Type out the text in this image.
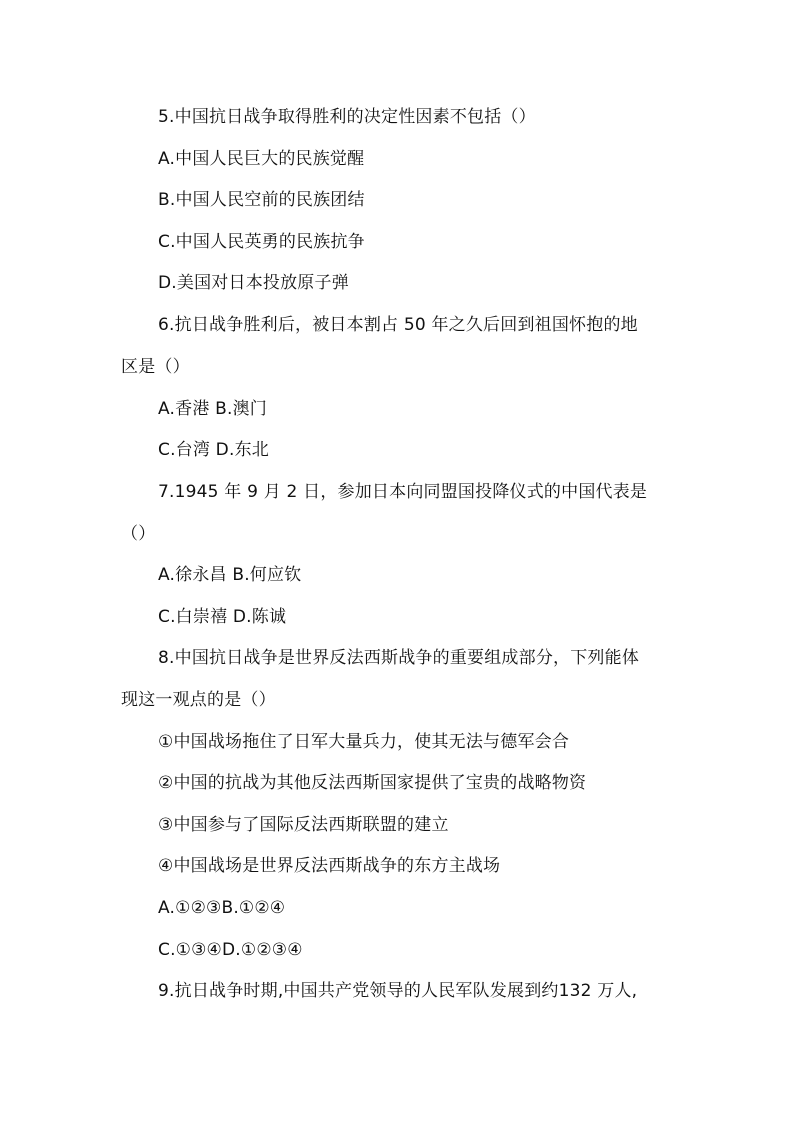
5.中国抗日战争取得胜利的决定性因素不包括（）
A.中国人民巨大的民族觉醒
B.中国人民空前的民族团结
C.中国人民英勇的民族抗争
D.美国对日本投放原子弹
6.抗日战争胜利后，被日本割占 50 年之久后回到祖国怀抱的地
区是（）
A.香港 B.澳门
C.台湾 D.东北
7.1945 年 9 月 2 日，参加日本向同盟国投降仪式的中国代表是
（）
A.徐永昌 B.何应钦
C.白崇禧 D.陈诚
8.中国抗日战争是世界反法西斯战争的重要组成部分，下列能体
现这一观点的是（）
①中国战场拖住了日军大量兵力，使其无法与德军会合
②中国的抗战为其他反法西斯国家提供了宝贵的战略物资
③中国参与了国际反法西斯联盟的建立
④中国战场是世界反法西斯战争的东方主战场
A.①②③B.①②④
C.①③④D.①②③④
9.抗日战争时期,中国共产党领导的人民军队发展到约132 万人,
